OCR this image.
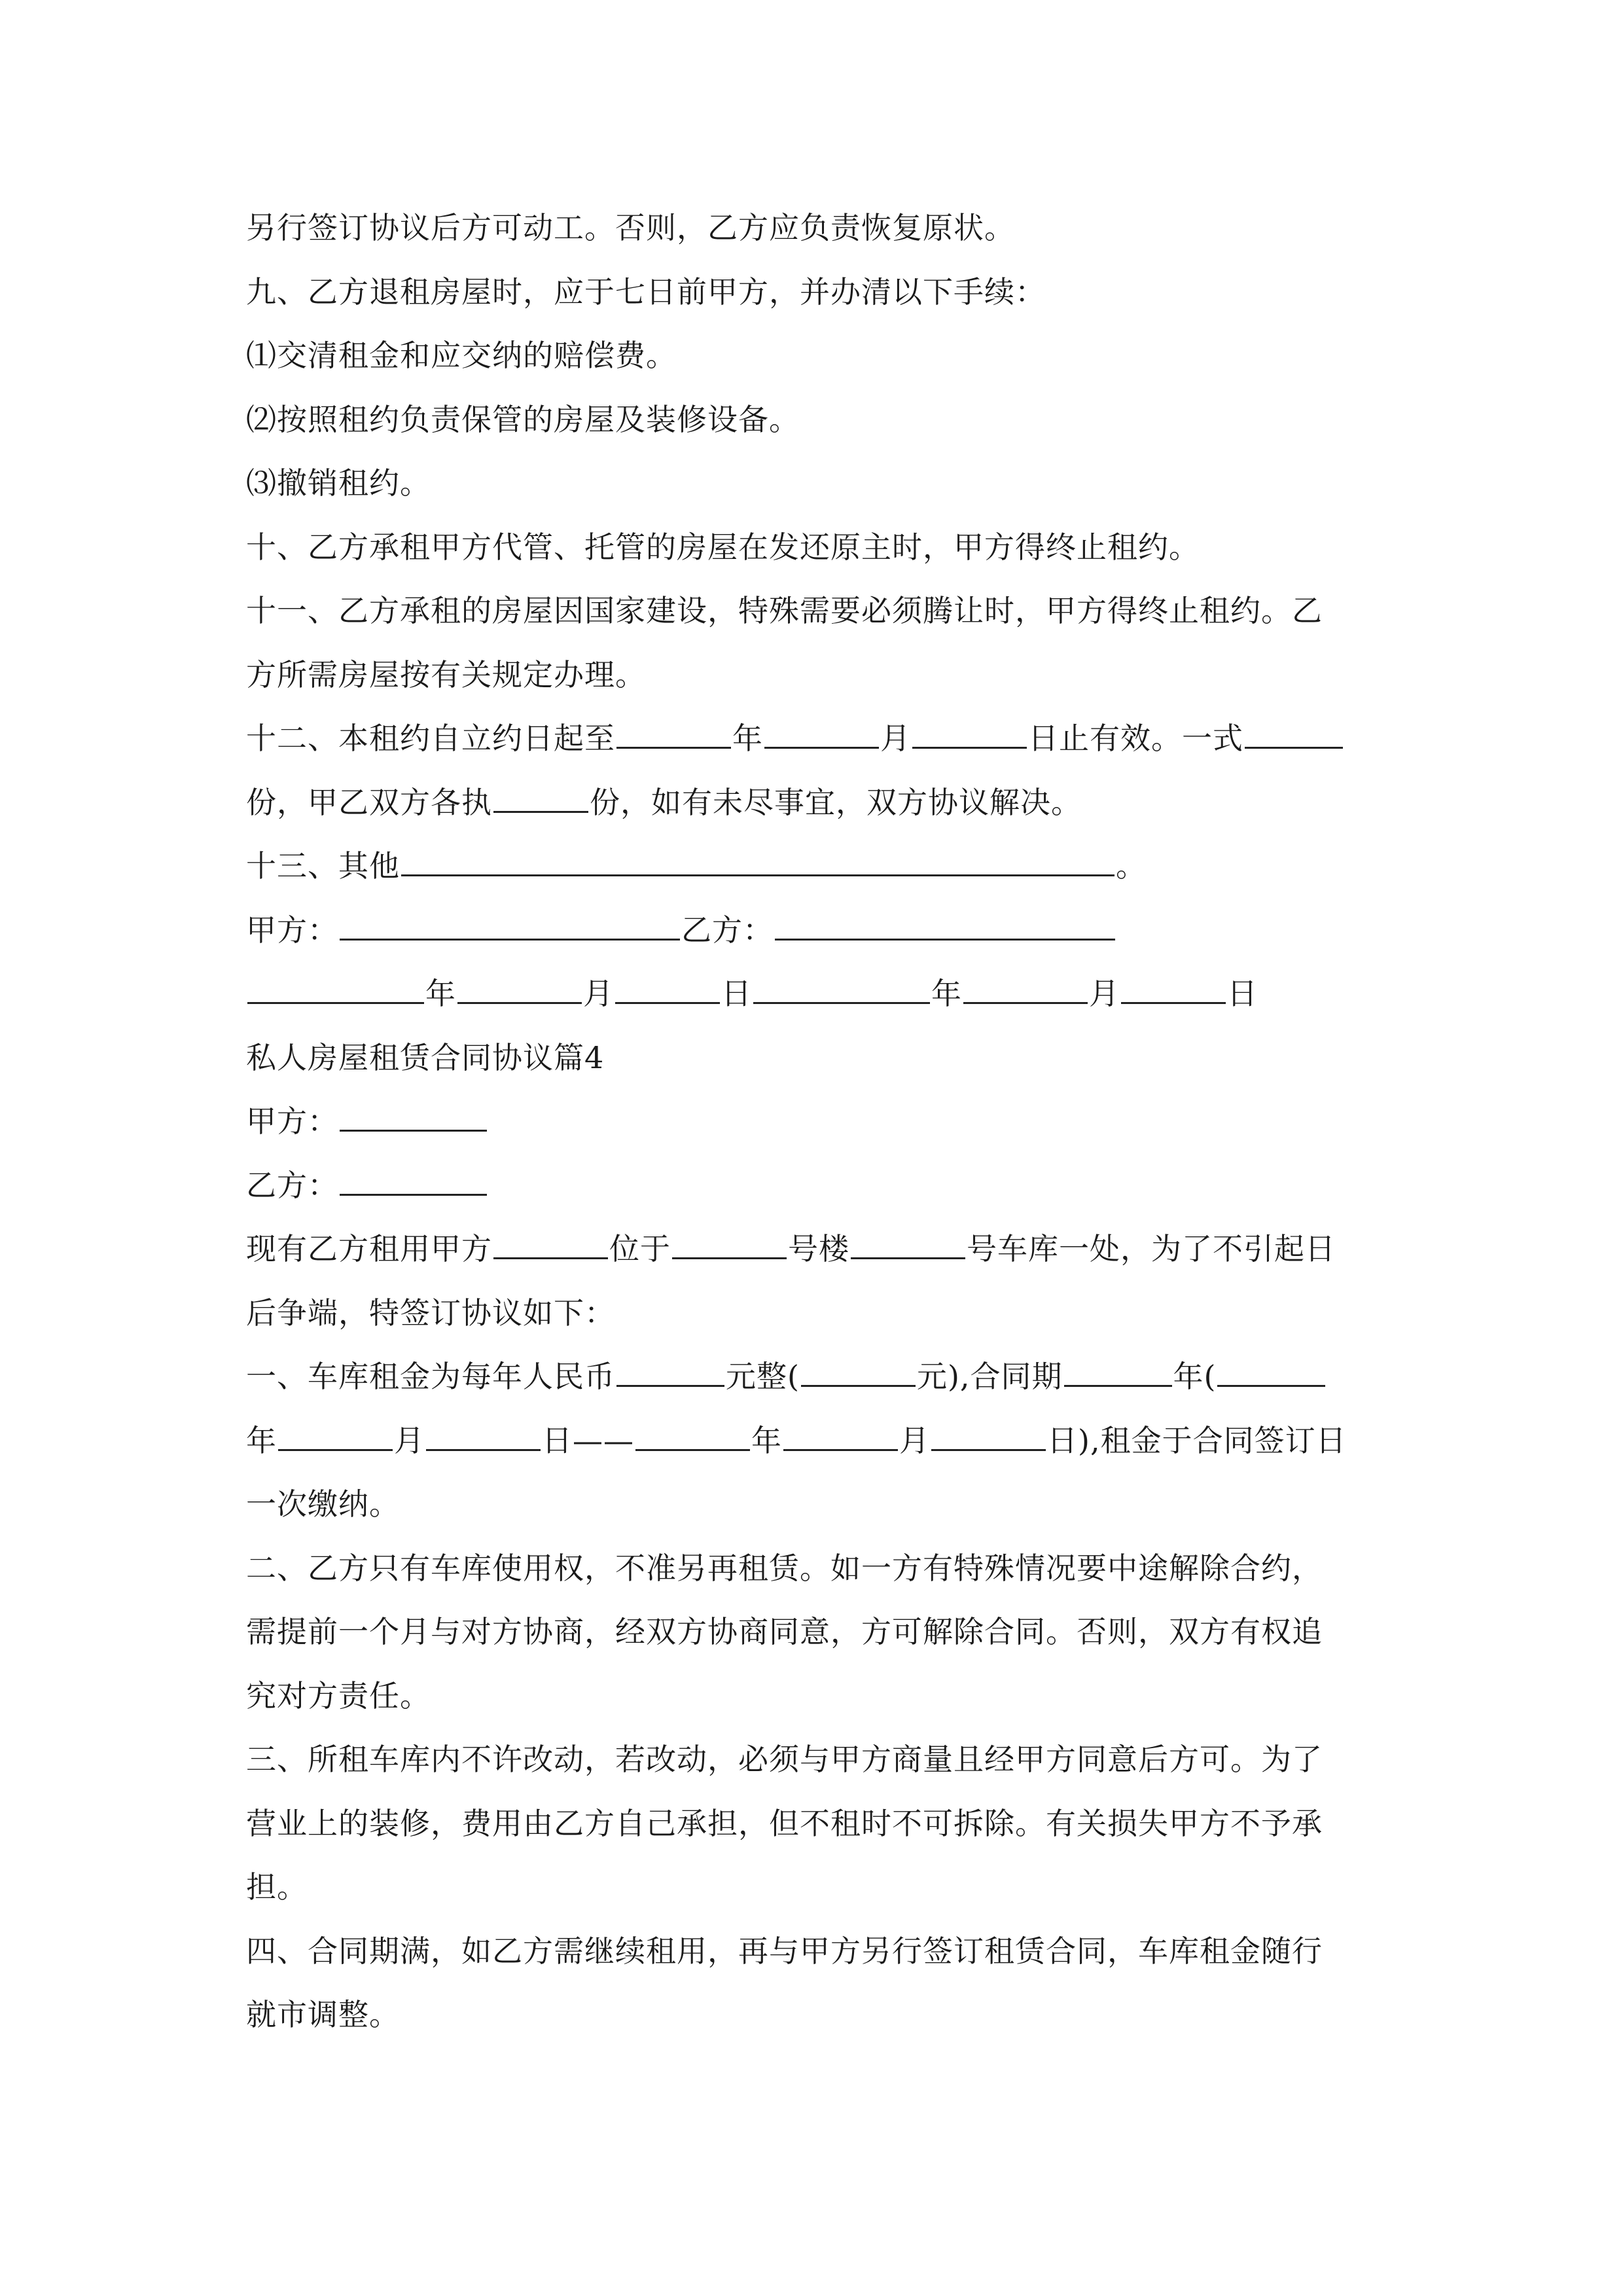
另行签订协议后方可动工。否则，乙方应负责恢复原状。
九、乙方退租房屋时，应于七日前甲方，并办清以下手续：
⑴交清租金和应交纳的赔偿费。
⑵按照租约负责保管的房屋及装修设备。
⑶撤销租约。
十、乙方承租甲方代管、托管的房屋在发还原主时，甲方得终止租约。
十一、乙方承租的房屋因国家建设，特殊需要必须腾让时，甲方得终止租约。乙
方所需房屋按有关规定办理。
十二、本租约自立约日起至	年	月	日止有效。一式
份，甲乙双方各执	份，如有未尽事宜，双方协议解决。
十三、其他	。
甲方：	乙方：
年	月	日	年	月	日
私人房屋租赁合同协议篇4
甲方：
乙方：
现有乙方租用甲方	位于	号楼	号车库一处，为了不引起日
后争端，特签订协议如下：
一、车库租金为每年人民币	元整(	元),合同期	年(
年	月	日——	年	月	日),租金于合同签订日
一次缴纳。
二、乙方只有车库使用权，不准另再租赁。如一方有特殊情况要中途解除合约，
需提前一个月与对方协商，经双方协商同意，方可解除合同。否则，双方有权追
究对方责任。
三、所租车库内不许改动，若改动，必须与甲方商量且经甲方同意后方可。为了
营业上的装修，费用由乙方自己承担，但不租时不可拆除。有关损失甲方不予承
担。
四、合同期满，如乙方需继续租用，再与甲方另行签订租赁合同，车库租金随行
就市调整。
